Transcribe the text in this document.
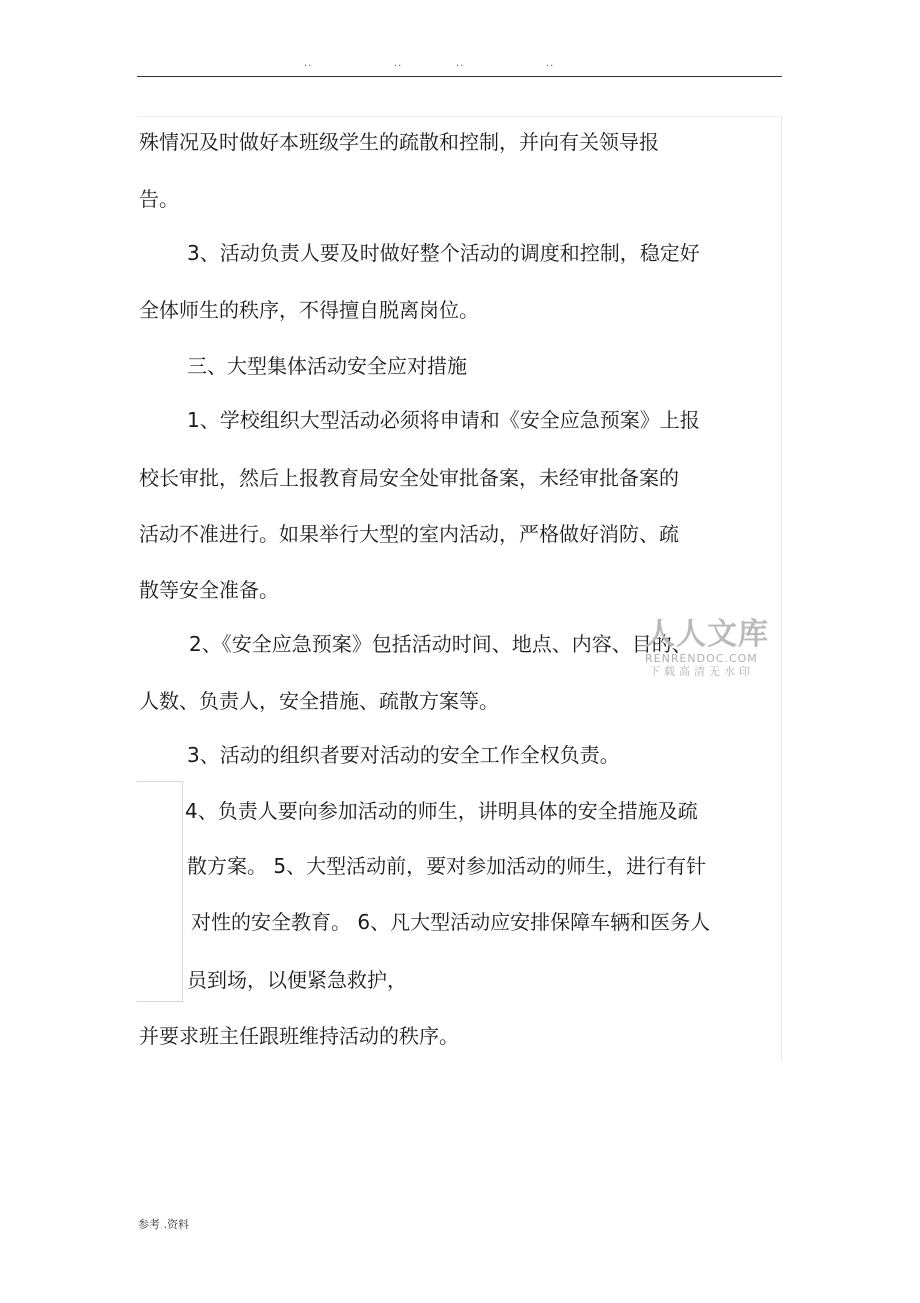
..	..	..	..
殊情况及时做好本班级学生的疏散和控制，并向有关领导报
告。
3、活动负责人要及时做好整个活动的调度和控制，稳定好
全体师生的秩序，不得擅自脱离岗位。
三、大型集体活动安全应对措施
1、学校组织大型活动必须将申请和《安全应急预案》上报
校长审批，然后上报教育局安全处审批备案，未经审批备案的
活动不准进行。如果举行大型的室内活动，严格做好消防、疏
散等安全准备。
2、《安全应急预案》包括活动时间、地点、内容、目的、
人数、负责人，安全措施、疏散方案等。
3、活动的组织者要对活动的安全工作全权负责。
4、负责人要向参加活动的师生，讲明具体的安全措施及疏
散方案。 5、大型活动前，要对参加活动的师生，进行有针
对性的安全教育。 6、凡大型活动应安排保障车辆和医务人
员到场，以便紧急救护，
并要求班主任跟班维持活动的秩序。
人人文库
RENRENDOC.COM
下载高清无水印
参考 .资料
